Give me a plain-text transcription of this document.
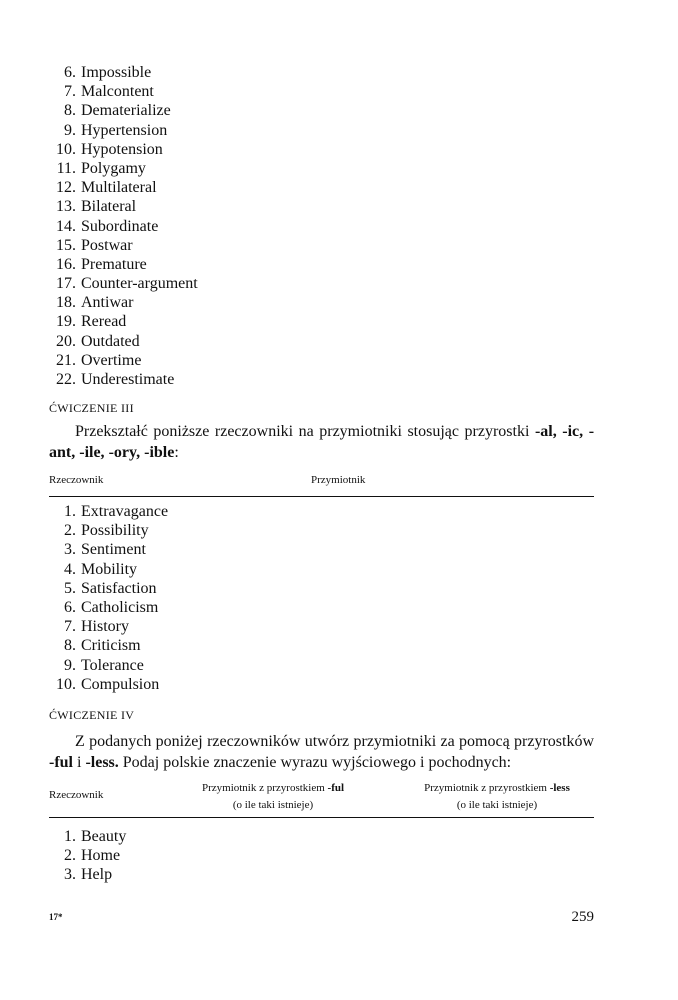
6. Impossible
7. Malcontent
8. Dematerialize
9. Hypertension
10. Hypotension
11. Polygamy
12. Multilateral
13. Bilateral
14. Subordinate
15. Postwar
16. Premature
17. Counter-argument
18. Antiwar
19. Reread
20. Outdated
21. Overtime
22. Underestimate
ĆWICZENIE III
Przekształć poniższe rzeczowniki na przymiotniki stosując przyrostki -al, -ic, -ant, -ile, -ory, -ible:
Rzeczownik	Przymiotnik
1. Extravagance
2. Possibility
3. Sentiment
4. Mobility
5. Satisfaction
6. Catholicism
7. History
8. Criticism
9. Tolerance
10. Compulsion
ĆWICZENIE IV
Z podanych poniżej rzeczowników utwórz przymiotniki za pomocą przyrostków -ful i -less. Podaj polskie znaczenie wyrazu wyjściowego i pochodnych:
Rzeczownik
Przymiotnik z przyrostkiem -ful
(o ile taki istnieje)
Przymiotnik z przyrostkiem -less
(o ile taki istnieje)
1. Beauty
2. Home
3. Help
17*	259
